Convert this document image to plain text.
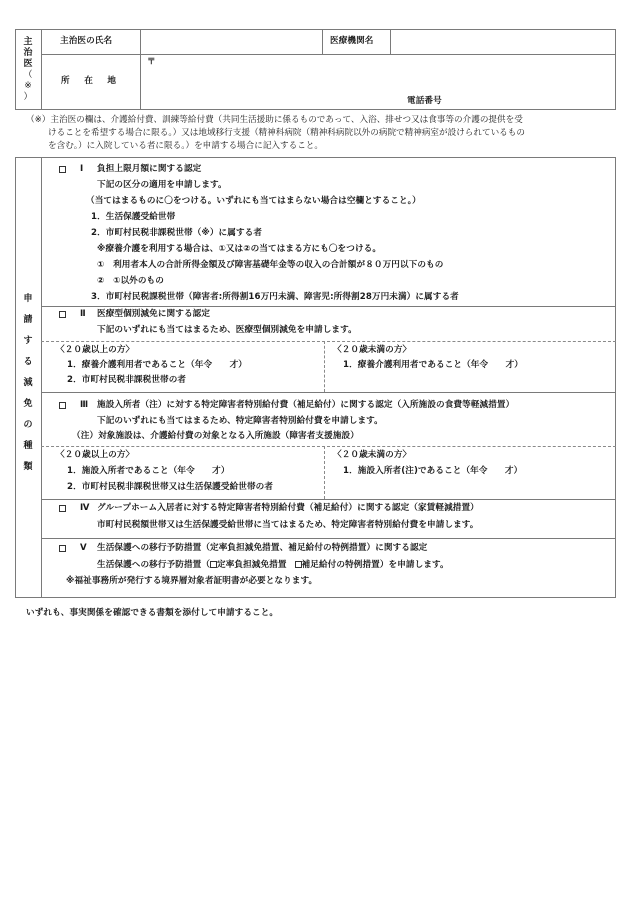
主
治
医
（
※
）
主治医の氏名	医療機関名
所　在　地
〒
電話番号
（※）主治医の欄は、介護給付費、訓練等給付費（共同生活援助に係るものであって、入浴、排せつ又は食事等の介護の提供を受
けることを希望する場合に限る。）又は地域移行支援（精神科病院（精神科病院以外の病院で精神病室が設けられているもの
を含む。）に入院している者に限る。）を申請する場合に記入すること。
申
請
す
る
減
免
の
種
類
Ⅰ 負担上限月額に関する認定
下記の区分の適用を申請します。
（当てはまるものに〇をつける。いずれにも当てはまらない場合は空欄とすること。）
1．生活保護受給世帯
2．市町村民税非課税世帯（※）に属する者
※療養介護を利用する場合は、①又は②の当てはまる方にも〇をつける。
①　利用者本人の合計所得金額及び障害基礎年金等の収入の合計額が８０万円以下のもの
②　①以外のもの
3．市町村民税課税世帯（障害者:所得割16万円未満、障害児:所得割28万円未満）に属する者
Ⅱ 医療型個別減免に関する認定
下記のいずれにも当てはまるため、医療型個別減免を申請します。
〈２０歳以上の方〉
1．療養介護利用者であること（年令　　才）
2．市町村民税非課税世帯の者
〈２０歳未満の方〉
1．療養介護利用者であること（年令　　才）
Ⅲ 施設入所者（注）に対する特定障害者特別給付費（補足給付）に関する認定（入所施設の食費等軽減措置）
下記のいずれにも当てはまるため、特定障害者特別給付費を申請します。
（注）対象施設は、介護給付費の対象となる入所施設（障害者支援施設）
〈２０歳以上の方〉
1．施設入所者であること（年令　　才）
2．市町村民税非課税世帯又は生活保護受給世帯の者
〈２０歳未満の方〉
1．施設入所者(注)であること（年令　　才）
Ⅳ グループホーム入居者に対する特定障害者特別給付費（補足給付）に関する認定（家賃軽減措置）
市町村民税額世帯又は生活保護受給世帯に当てはまるため、特定障害者特別給付費を申請します。
Ⅴ 生活保護への移行予防措置（定率負担減免措置、補足給付の特例措置）に関する認定
生活保護への移行予防措置（ 定率負担減免措置 補足給付の特例措置）を申請します。
※福祉事務所が発行する境界層対象者証明書が必要となります。
いずれも、事実関係を確認できる書類を添付して申請すること。
